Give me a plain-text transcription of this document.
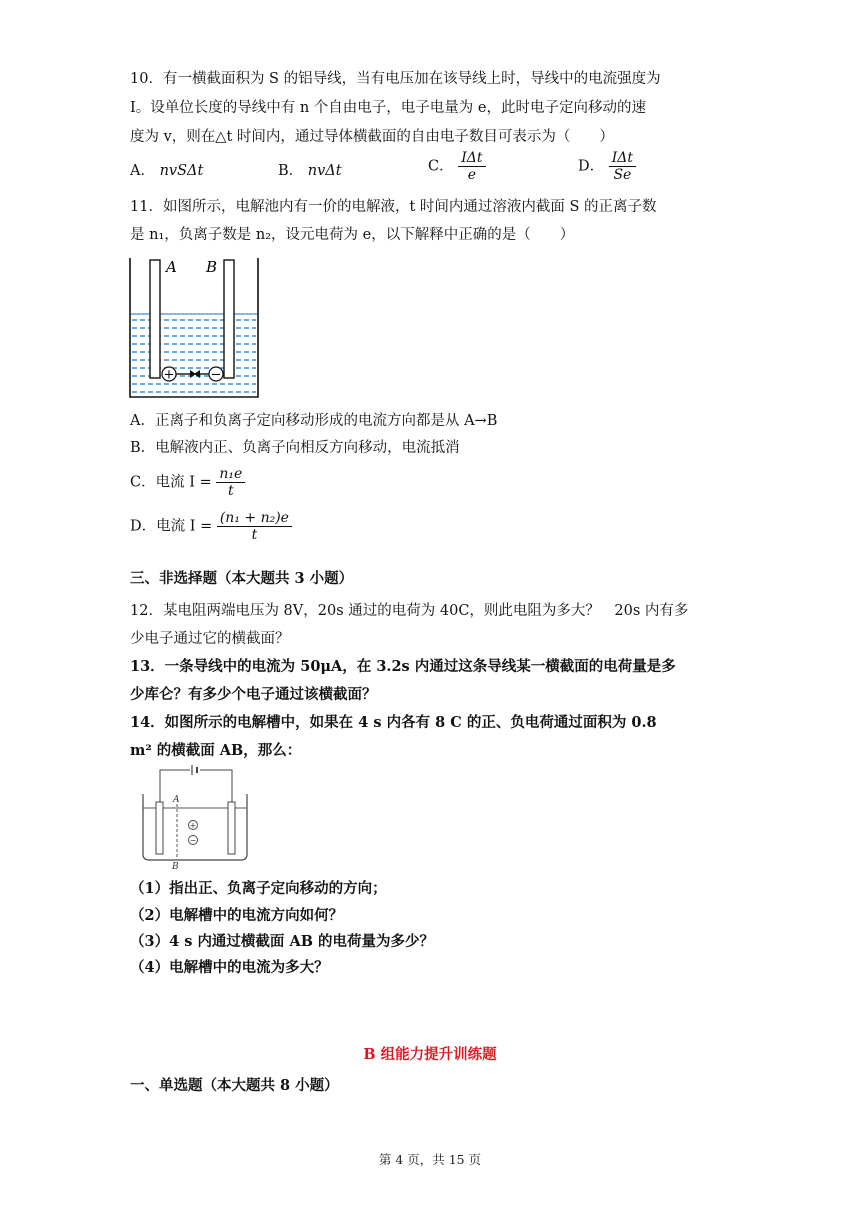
10．有一横截面积为 S 的铝导线，当有电压加在该导线上时，导线中的电流强度为
I。设单位长度的导线中有 n 个自由电子，电子电量为 e，此时电子定向移动的速
度为 v，则在△t 时间内，通过导体横截面的自由电子数目可表示为（　　）
A． nvSΔt	B． nvΔt	C． $\frac{\text{IΔt}}{e}$	D． $\frac{\text{IΔt}}{Se}$
11．如图所示，电解池内有一价的电解液，t 时间内通过溶液内截面 S 的正离子数
是 n₁，负离子数是 n₂，设元电荷为 e，以下解释中正确的是（　　）
A B
+	−
A．正离子和负离子定向移动形成的电流方向都是从 A→B
B．电解液内正、负离子向相反方向移动，电流抵消
C．电流 $I = \frac{\text{n₁e}}{t}$
D．电流 $I = \frac{\text{(n₁ + n₂)e}}{t}$
三、非选择题（本大题共 3 小题）
12．某电阻两端电压为 8V，20s 通过的电荷为 40C，则此电阻为多大？　20s 内有多
少电子通过它的横截面？
13．一条导线中的电流为 50μA，在 3.2s 内通过这条导线某一横截面的电荷量是多
少库仑？有多少个电子通过该横截面？
14．如图所示的电解槽中，如果在 4 s 内各有 8 C 的正、负电荷通过面积为 0.8
m² 的横截面 AB，那么：
A
B
+
−
（1）指出正、负离子定向移动的方向；
（2）电解槽中的电流方向如何？
（3）4 s 内通过横截面 AB 的电荷量为多少？
（4）电解槽中的电流为多大？
B 组能力提升训练题
一、单选题（本大题共 8 小题）
第 4 页，共 15 页
